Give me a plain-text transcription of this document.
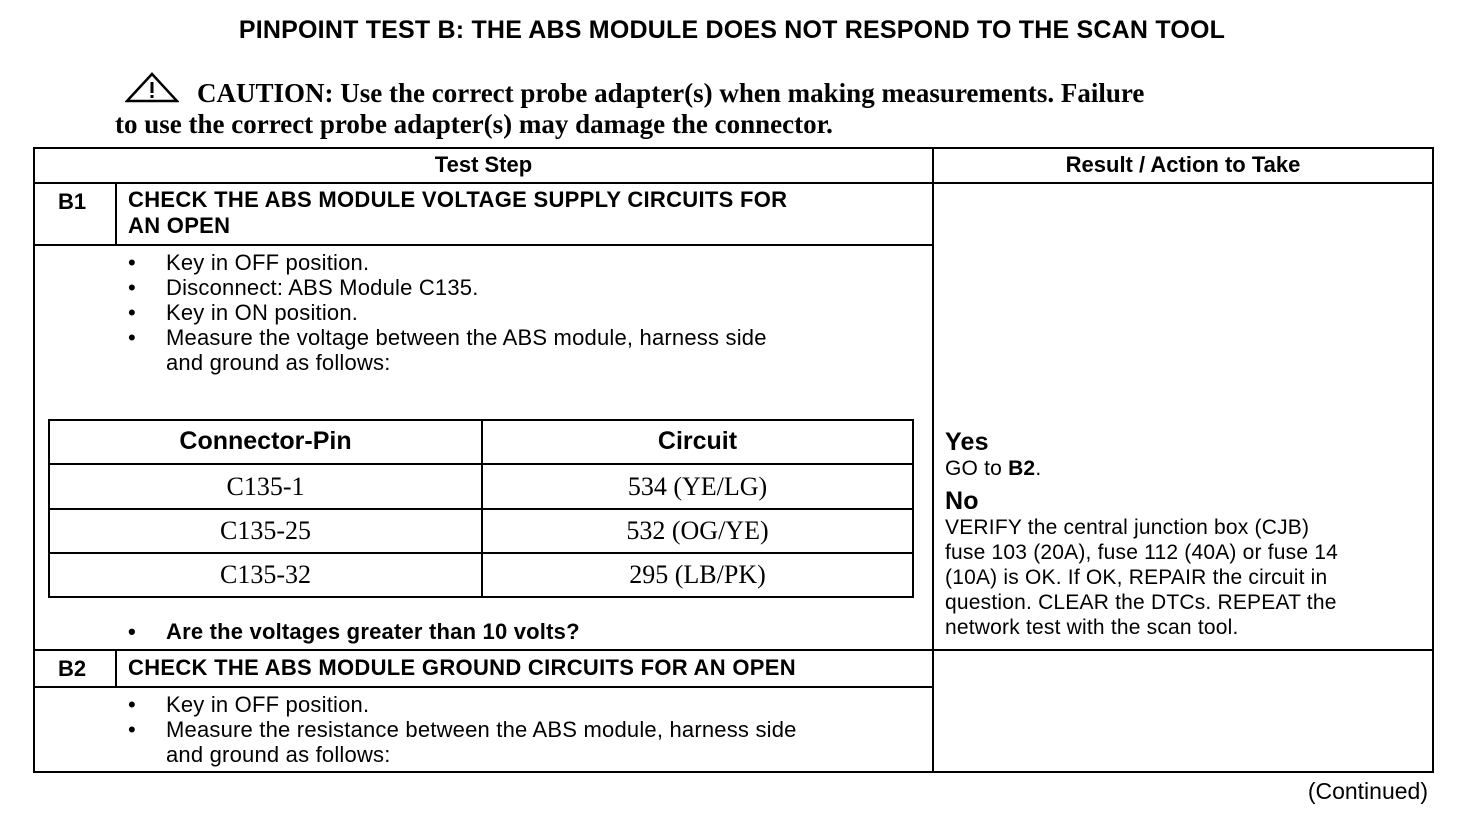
PINPOINT TEST B: THE ABS MODULE DOES NOT RESPOND TO THE SCAN TOOL
CAUTION: Use the correct probe adapter(s) when making measurements. Failure
to use the correct probe adapter(s) may damage the connector.
Test Step	Result / Action to Take
B1 CHECK THE ABS MODULE VOLTAGE SUPPLY CIRCUITS FOR
AN OPEN
• Key in OFF position.
• Disconnect: ABS Module C135.
• Key in ON position.
• Measure the voltage between the ABS module, harness side
and ground as follows:
Connector-Pin	Circuit
C135-1	534 (YE/LG)
C135-25	532 (OG/YE)
C135-32	295 (LB/PK)
• Are the voltages greater than 10 volts?
Yes
GO to B2.
No
VERIFY the central junction box (CJB)
fuse 103 (20A), fuse 112 (40A) or fuse 14
(10A) is OK. If OK, REPAIR the circuit in
question. CLEAR the DTCs. REPEAT the
network test with the scan tool.
B2 CHECK THE ABS MODULE GROUND CIRCUITS FOR AN OPEN
• Key in OFF position.
• Measure the resistance between the ABS module, harness side
and ground as follows:
(Continued)
